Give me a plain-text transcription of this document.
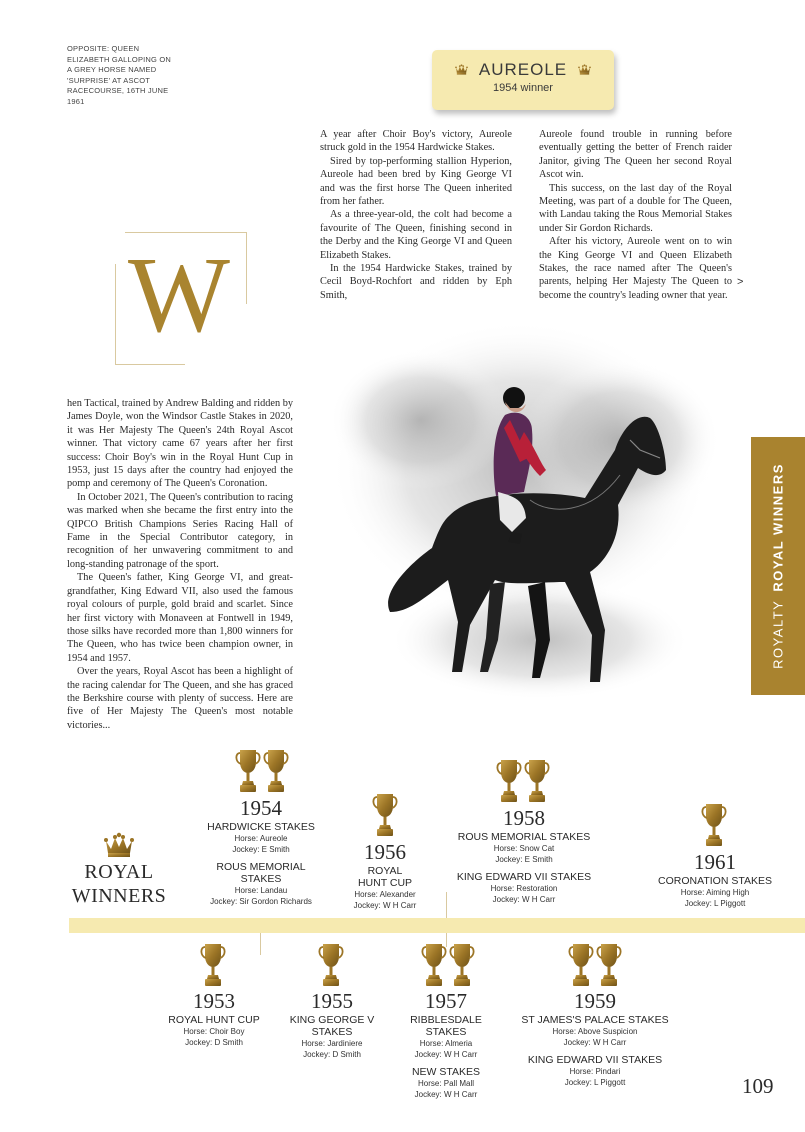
OPPOSITE: QUEEN ELIZABETH GALLOPING ON A GREY HORSE NAMED 'SURPRISE' AT ASCOT RACECOURSE, 16TH JUNE 1961
AUREOLE
1954 winner

A year after Choir Boy's victory, Aureole struck gold in the 1954 Hardwicke Stakes.

Sired by top-performing stallion Hyperion, Aureole had been bred by King George VI and was the first horse The Queen inherited from her father.

As a three-year-old, the colt had become a favourite of The Queen, finishing second in the Derby and the King George VI and Queen Elizabeth Stakes.

In the 1954 Hardwicke Stakes, trained by Cecil Boyd-Rochfort and ridden by Eph Smith,

Aureole found trouble in running before eventually getting the better of French raider Janitor, giving The Queen her second Royal Ascot win.

This success, on the last day of the Royal Meeting, was part of a double for The Queen, with Landau taking the Rous Memorial Stakes under Sir Gordon Richards.

After his victory, Aureole went on to win the King George VI and Queen Elizabeth Stakes, the race named after The Queen's parents, helping Her Majesty The Queen to become the country's leading owner that year.

>
W

hen Tactical, trained by Andrew Balding and ridden by James Doyle, won the Windsor Castle Stakes in 2020, it was Her Majesty The Queen's 24th Royal Ascot winner. That victory came 67 years after her first success: Choir Boy's win in the Royal Hunt Cup in 1953, just 15 days after the country had enjoyed the pomp and ceremony of The Queen's Coronation.

In October 2021, The Queen's contribution to racing was marked when she became the first entry into the QIPCO British Champions Series Racing Hall of Fame in the Special Contributor category, in recognition of her unwavering commitment to and long-standing patronage of the sport.

The Queen's father, King George VI, and great-grandfather, King Edward VII, also used the famous royal colours of purple, gold braid and scarlet. Since her first victory with Monaveen at Fontwell in 1949, those silks have recorded more than 1,800 winners for The Queen, who has twice been champion owner, in 1954 and 1957.

Over the years, Royal Ascot has been a highlight of the racing calendar for The Queen, and she has graced the Berkshire course with plenty of success. Here are five of Her Majesty The Queen's most notable victories...

ROYALTYROYAL WINNERS
ROYAL
WINNERS
1954
HARDWICKE STAKES
Horse: Aureole
Jockey: E Smith
ROUS MEMORIAL STAKES
Horse: Landau
Jockey: Sir Gordon Richards
1956
ROYAL HUNT CUP
Horse: Alexander
Jockey: W H Carr
1958
ROUS MEMORIAL STAKES
Horse: Snow Cat
Jockey: E Smith
KING EDWARD VII STAKES
Horse: Restoration
Jockey: W H Carr
1961
CORONATION STAKES
Horse: Aiming High
Jockey: L Piggott
1953
ROYAL HUNT CUP
Horse: Choir Boy
Jockey: D Smith
1955
KING GEORGE V STAKES
Horse: Jardiniere
Jockey: D Smith
1957
RIBBLESDALE STAKES
Horse: Almeria
Jockey: W H Carr
NEW STAKES
Horse: Pall Mall
Jockey: W H Carr
1959
ST JAMES'S PALACE STAKES
Horse: Above Suspicion
Jockey: W H Carr
KING EDWARD VII STAKES
Horse: Pindari
Jockey: L Piggott	109
